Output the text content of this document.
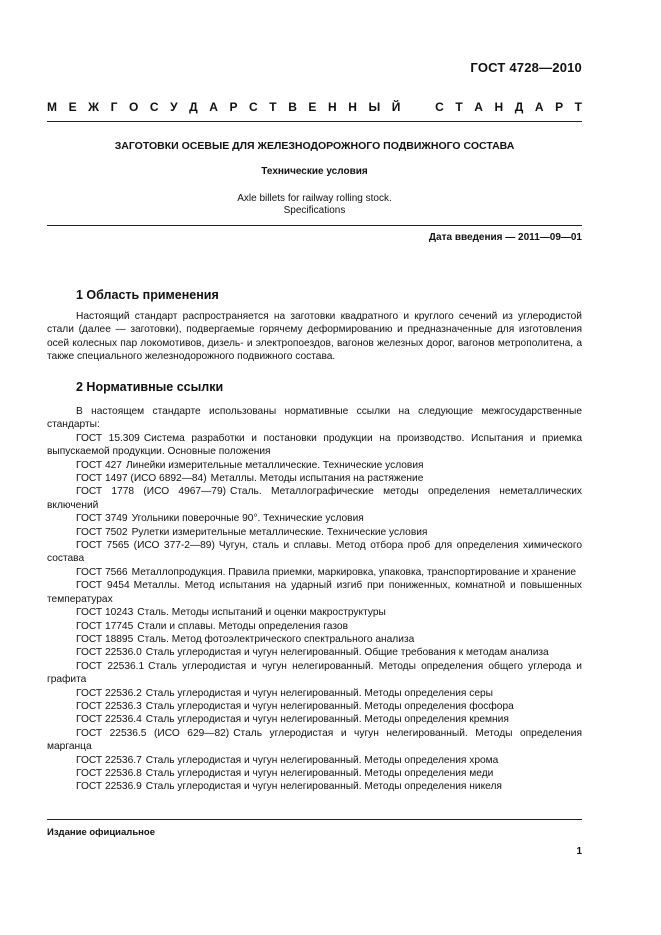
ГОСТ 4728—2010
М Е Ж Г О С У Д А Р С Т В Е Н Н Ы Й	С Т А Н Д А Р Т
ЗАГОТОВКИ ОСЕВЫЕ ДЛЯ ЖЕЛЕЗНОДОРОЖНОГО ПОДВИЖНОГО СОСТАВА
Технические условия
Axle billets for railway rolling stock.
Specifications
Дата введения — 2011—09—01
1 Область применения
Настоящий стандарт распространяется на заготовки квадратного и круглого сечений из углеродистой стали (далее — заготовки), подвергаемые горячему деформированию и предназначенные для изготовления осей колесных пар локомотивов, дизель- и электропоездов, вагонов железных дорог, вагонов метрополитена, а также специального железнодорожного подвижного состава.
2 Нормативные ссылки
В настоящем стандарте использованы нормативные ссылки на следующие межгосударственные стандарты:
ГОСТ 15.309 Система разработки и постановки продукции на производство. Испытания и приемка выпускаемой продукции. Основные положения
ГОСТ 427 Линейки измерительные металлические. Технические условия
ГОСТ 1497 (ИСО 6892—84) Металлы. Методы испытания на растяжение
ГОСТ 1778 (ИСО 4967—79) Сталь. Металлографические методы определения неметаллических включений
ГОСТ 3749 Угольники поверочные 90°. Технические условия
ГОСТ 7502 Рулетки измерительные металлические. Технические условия
ГОСТ 7565 (ИСО 377-2—89) Чугун, сталь и сплавы. Метод отбора проб для определения химического состава
ГОСТ 7566 Металлопродукция. Правила приемки, маркировка, упаковка, транспортирование и хранение
ГОСТ 9454 Металлы. Метод испытания на ударный изгиб при пониженных, комнатной и повышенных температурах
ГОСТ 10243 Сталь. Методы испытаний и оценки макроструктуры
ГОСТ 17745 Стали и сплавы. Методы определения газов
ГОСТ 18895 Сталь. Метод фотоэлектрического спектрального анализа
ГОСТ 22536.0 Сталь углеродистая и чугун нелегированный. Общие требования к методам анализа
ГОСТ 22536.1 Сталь углеродистая и чугун нелегированный. Методы определения общего углерода и графита
ГОСТ 22536.2 Сталь углеродистая и чугун нелегированный. Методы определения серы
ГОСТ 22536.3 Сталь углеродистая и чугун нелегированный. Методы определения фосфора
ГОСТ 22536.4 Сталь углеродистая и чугун нелегированный. Методы определения кремния
ГОСТ 22536.5 (ИСО 629—82) Сталь углеродистая и чугун нелегированный. Методы определения марганца
ГОСТ 22536.7 Сталь углеродистая и чугун нелегированный. Методы определения хрома
ГОСТ 22536.8 Сталь углеродистая и чугун нелегированный. Методы определения меди
ГОСТ 22536.9 Сталь углеродистая и чугун нелегированный. Методы определения никеля
Издание официальное
1
